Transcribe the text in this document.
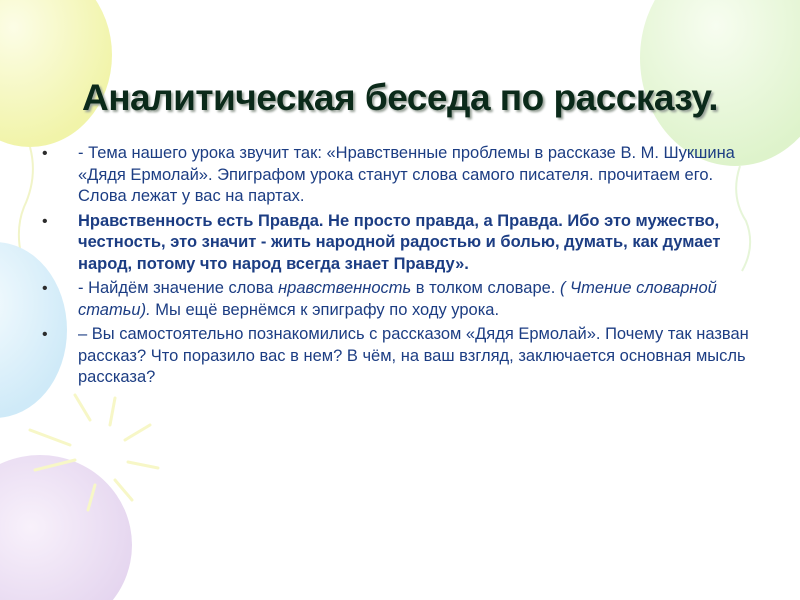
Аналитическая беседа по рассказу.
• - Тема нашего урока звучит так: «Нравственные проблемы в рассказе В. М. Шукшина «Дядя Ермолай». Эпиграфом урока станут слова самого писателя. прочитаем его. Слова лежат у вас на партах.
• Нравственность есть Правда. Не просто правда, а Правда. Ибо это мужество, честность, это значит - жить народной радостью и болью, думать, как думает народ, потому что народ всегда знает Правду».
• - Найдём значение слова нравственность в толком словаре. ( Чтение словарной статьи). Мы ещё вернёмся к эпиграфу по ходу урока.
• – Вы самостоятельно познакомились с рассказом «Дядя Ермолай». Почему так назван рассказ? Что поразило вас в нем? В чём, на ваш взгляд, заключается основная мысль рассказа?
